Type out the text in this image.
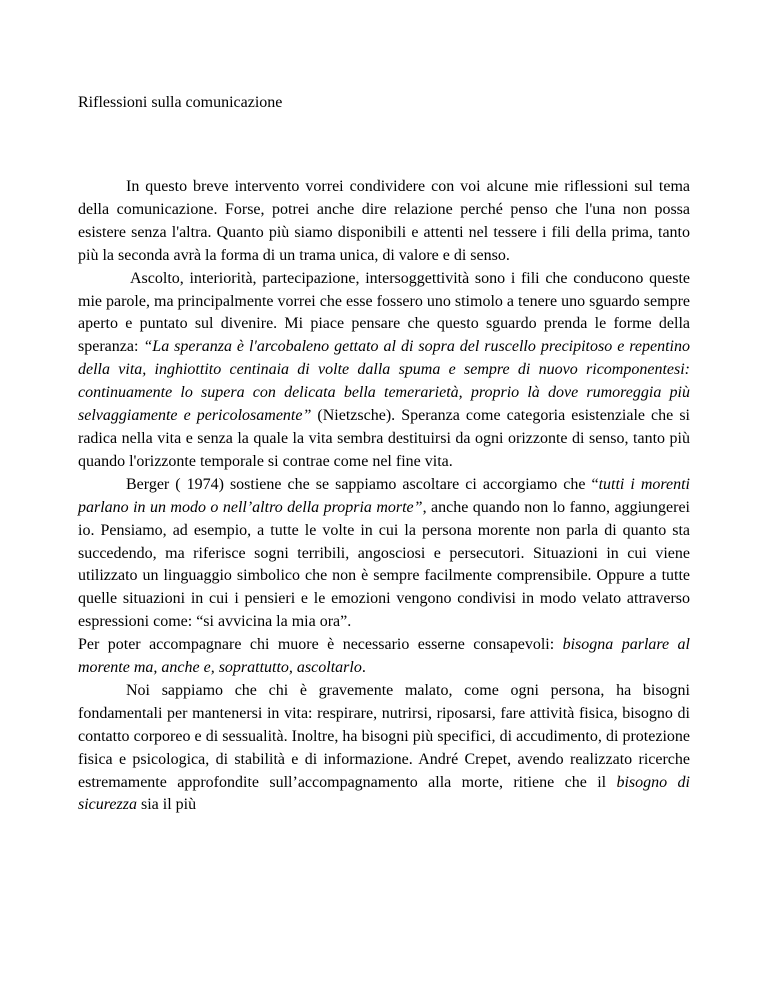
Riflessioni sulla comunicazione

In questo breve intervento vorrei condividere con voi alcune mie riflessioni sul tema della comunicazione. Forse, potrei anche dire relazione perché penso che l'una non possa esistere senza l'altra. Quanto più siamo disponibili e attenti nel tessere i fili della prima, tanto più la seconda avrà la forma di un trama unica, di valore e di senso.

Ascolto, interiorità, partecipazione, intersoggettività sono i fili che conducono queste mie parole, ma principalmente vorrei che esse fossero uno stimolo a tenere uno sguardo sempre aperto e puntato sul divenire. Mi piace pensare che questo sguardo prenda le forme della speranza: “La speranza è l'arcobaleno gettato al di sopra del ruscello precipitoso e repentino della vita, inghiottito centinaia di volte dalla spuma e sempre di nuovo ricomponentesi: continuamente lo supera con delicata bella temerarietà, proprio là dove rumoreggia più selvaggiamente e pericolosamente” (Nietzsche). Speranza come categoria esistenziale che si radica nella vita e senza la quale la vita sembra destituirsi da ogni orizzonte di senso, tanto più quando l'orizzonte temporale si contrae come nel fine vita.

Berger ( 1974) sostiene che se sappiamo ascoltare ci accorgiamo che “tutti i morenti parlano in un modo o nell’altro della propria morte”, anche quando non lo fanno, aggiungerei io. Pensiamo, ad esempio, a tutte le volte in cui la persona morente non parla di quanto sta succedendo, ma riferisce sogni terribili, angosciosi e persecutori. Situazioni in cui viene utilizzato un linguaggio simbolico che non è sempre facilmente comprensibile. Oppure a tutte quelle situazioni in cui i pensieri e le emozioni vengono condivisi in modo velato attraverso espressioni come: “si avvicina la mia ora”.

Per poter accompagnare chi muore è necessario esserne consapevoli: bisogna parlare al morente ma, anche e, soprattutto, ascoltarlo.

Noi sappiamo che chi è gravemente malato, come ogni persona, ha bisogni fondamentali per mantenersi in vita: respirare, nutrirsi, riposarsi, fare attività fisica, bisogno di contatto corporeo e di sessualità. Inoltre, ha bisogni più specifici, di accudimento, di protezione fisica e psicologica, di stabilità e di informazione. André Crepet, avendo realizzato ricerche estremamente approfondite sull’accompagnamento alla morte, ritiene che il bisogno di sicurezza sia il più
